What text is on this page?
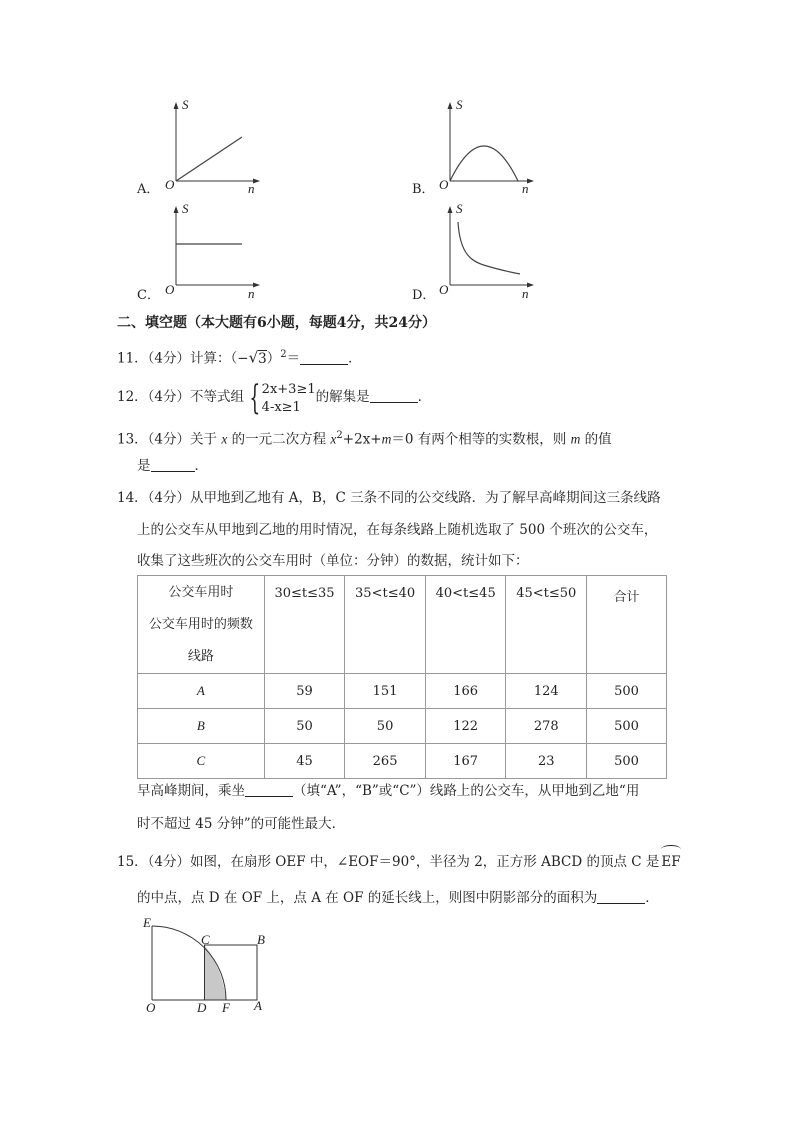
A．
S
O	n	B．
S
O	n
C．
S
O	n	D．
S
O	n
二、填空题（本大题有6小题，每题4分，共24分）
11．（4分）计算：$(-√3)^2=$	．
12．（4分）不等式组 { 2x+3≥1
4-x≥1
的解集是	．
13．（4分）关于 x 的一元二次方程 $x^2+2x+m=0$ 有两个相等的实数根，则 m 的值
是	．
14．（4分）从甲地到乙地有 A，B，C 三条不同的公交线路．为了解早高峰期间这三条线路
上的公交车从甲地到乙地的用时情况，在每条线路上随机选取了 500 个班次的公交车，
收集了这些班次的公交车用时（单位：分钟）的数据，统计如下：
公交车用时
公交车用时的频数
线路	30≤t≤35	35<t≤40	40<t≤45	45<t≤50	合计
A	59	151	166	124	500
B	50	50	122	278	500
C	45	265	167	23	500
早高峰期间，乘坐	（填“A”，“B”或“C”）线路上的公交车，从甲地到乙地“用
时不超过 45 分钟”的可能性最大．
15．（4分）如图，在扇形 OEF 中，∠EOF＝90°，半径为 2，正方形 ABCD 的顶点 C 是 EF
的中点，点 D 在 OF 上，点 A 在 OF 的延长线上，则图中阴影部分的面积为	．
E
C	B
O	D F A
